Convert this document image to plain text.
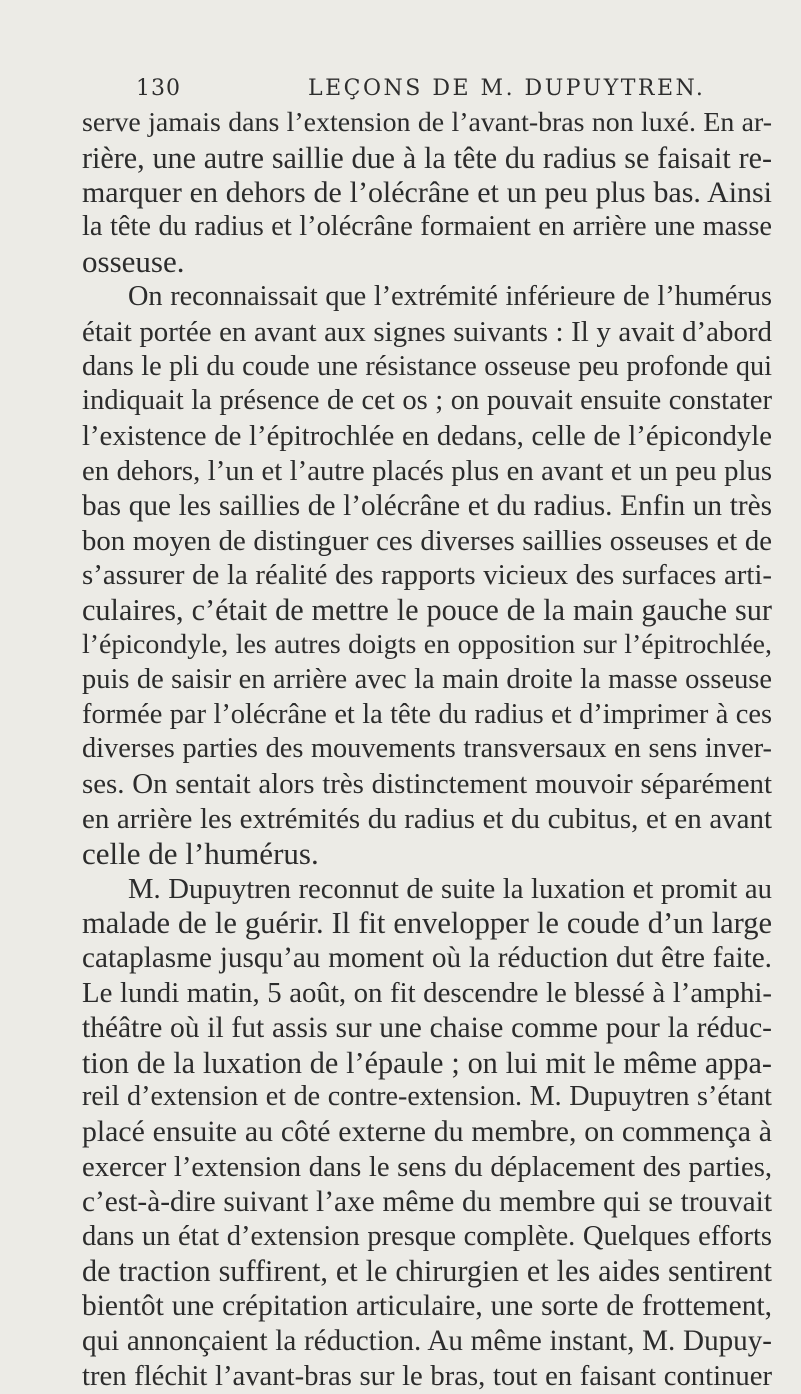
130	LEÇONS DE M. DUPUYTREN.
serve jamais dans l’extension de l’avant-bras non luxé. En ar-
rière, une autre saillie due à la tête du radius se faisait re-
marquer en dehors de l’olécrâne et un peu plus bas. Ainsi
la tête du radius et l’olécrâne formaient en arrière une masse
osseuse.
On reconnaissait que l’extrémité inférieure de l’humérus
était portée en avant aux signes suivants : Il y avait d’abord
dans le pli du coude une résistance osseuse peu profonde qui
indiquait la présence de cet os ; on pouvait ensuite constater
l’existence de l’épitrochlée en dedans, celle de l’épicondyle
en dehors, l’un et l’autre placés plus en avant et un peu plus
bas que les saillies de l’olécrâne et du radius. Enfin un très
bon moyen de distinguer ces diverses saillies osseuses et de
s’assurer de la réalité des rapports vicieux des surfaces arti-
culaires, c’était de mettre le pouce de la main gauche sur
l’épicondyle, les autres doigts en opposition sur l’épitrochlée,
puis de saisir en arrière avec la main droite la masse osseuse
formée par l’olécrâne et la tête du radius et d’imprimer à ces
diverses parties des mouvements transversaux en sens inver-
ses. On sentait alors très distinctement mouvoir séparément
en arrière les extrémités du radius et du cubitus, et en avant
celle de l’humérus.
M. Dupuytren reconnut de suite la luxation et promit au
malade de le guérir. Il fit envelopper le coude d’un large
cataplasme jusqu’au moment où la réduction dut être faite.
Le lundi matin, 5 août, on fit descendre le blessé à l’amphi-
théâtre où il fut assis sur une chaise comme pour la réduc-
tion de la luxation de l’épaule ; on lui mit le même appa-
reil d’extension et de contre-extension. M. Dupuytren s’étant
placé ensuite au côté externe du membre, on commença à
exercer l’extension dans le sens du déplacement des parties,
c’est-à-dire suivant l’axe même du membre qui se trouvait
dans un état d’extension presque complète. Quelques efforts
de traction suffirent, et le chirurgien et les aides sentirent
bientôt une crépitation articulaire, une sorte de frottement,
qui annonçaient la réduction. Au même instant, M. Dupuy-
tren fléchit l’avant-bras sur le bras, tout en faisant continuer
